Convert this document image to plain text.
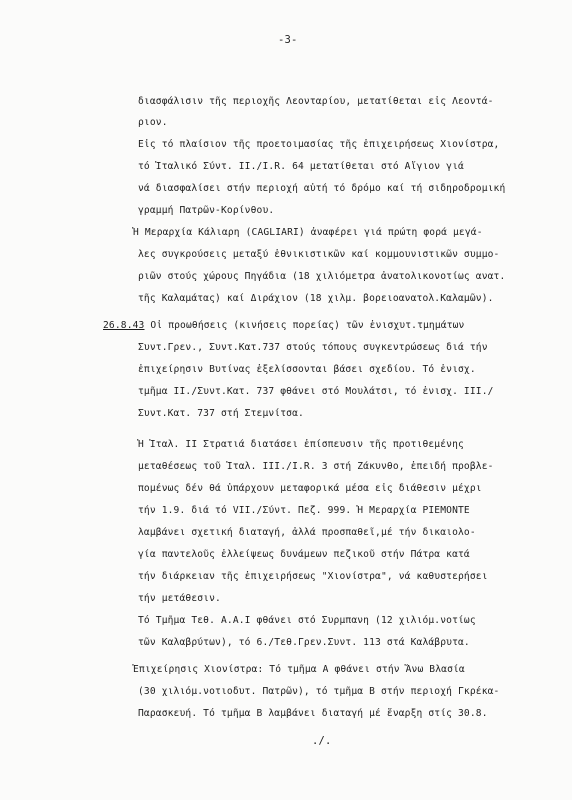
-3-
διασφάλισιν τῆς περιοχῆς Λεονταρίου, μετατίθεται εἰς Λεοντά-
ριον.
Εἰς τό πλαίσιον τῆς προετοιμασίας τῆς ἐπιχειρήσεως Χιονίστρα,
τό Ἰταλικό Σύντ. ΙΙ./Ι.R. 64 μετατίθεται στό Αἴγιον γιά
νά διασφαλίσει στήν περιοχή αὐτή τό δρόμο καί τή σιδηροδρομική
γραμμή Πατρῶν-Κορίνθου.
Ἡ Μεραρχία Κάλιαρη (CAGLIARI) ἀναφέρει γιά πρώτη φορά μεγά-
λες συγκρούσεις μεταξύ ἐθνικιστικῶν καί κομμουνιστικῶν συμμο-
ριῶν στούς χώρους Πηγάδια (18 χιλιόμετρα ἀνατολικονοτίως ανατ.
τῆς Καλαμάτας) καί Διράχιον (18 χιλμ. βορειοανατολ.Καλαμῶν).
26.8.43 Οἱ προωθήσεις (κινήσεις πορείας) τῶν ἐνισχυτ.τμημάτων
Συντ.Γρεν., Συντ.Κατ.737 στούς τόπους συγκεντρώσεως διά τήν
ἐπιχείρησιν Βυτίνας ἐξελίσσονται βάσει σχεδίου. Τό ἐνισχ.
τμῆμα ΙΙ./Συντ.Κατ. 737 φθάνει στό Μουλάτσι, τό ἐνισχ. ΙΙΙ./
Συντ.Κατ. 737 στή Στεμνίτσα.
Ἡ Ἰταλ. ΙΙ Στρατιά διατάσει ἐπίσπευσιν τῆς προτιθεμένης
μεταθέσεως τοῦ Ἰταλ. ΙΙΙ./Ι.R. 3 στή Ζάκυνθο, ἐπειδή προβλε-
πομένως δέν θά ὑπάρχουν μεταφορικά μέσα εἰς διάθεσιν μέχρι
τήν 1.9. διά τό VII./Σύντ. Πεζ. 999. Ἡ Μεραρχία PIEMONTE
λαμβάνει σχετική διαταγή, ἀλλά προσπαθεῖ,μέ τήν δικαιολο-
γία παντελοῦς ἐλλείψεως δυνάμεων πεζικοῦ στήν Πάτρα κατά
τήν διάρκειαν τῆς ἐπιχειρήσεως "Χιονίστρα", νά καθυστερήσει
τήν μετάθεσιν.
Τό Τμῆμα Τεθ. Α.Α.Ι φθάνει στό Συρμπανη (12 χιλιόμ.νοτίως
τῶν Καλαβρύτων), τό 6./Τεθ.Γρεν.Συντ. 113 στά Καλάβρυτα.
Ἐπιχείρησις Χιονίστρα: Τό τμῆμα Α φθάνει στήν Ἄνω Βλασία
(30 χιλιόμ.νοτιοδυτ. Πατρῶν), τό τμῆμα Β στήν περιοχή Γκρέκα-
Παρασκευή. Τό τμῆμα Β λαμβάνει διαταγή μέ ἔναρξη στίς 30.8.
./.
